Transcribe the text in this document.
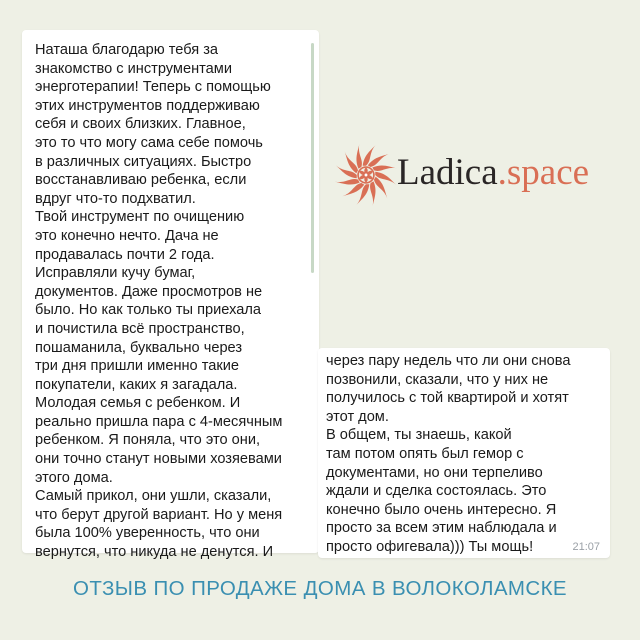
Наташа благодарю тебя за
знакомство с инструментами
энерготерапии! Теперь с помощью
этих инструментов поддерживаю
себя и своих близких. Главное,
это то что могу сама себе помочь
в различных ситуациях. Быстро
восстанавливаю ребенка, если
вдруг что-то подхватил.
Твой инструмент по очищению
это конечно нечто. Дача не
продавалась почти 2 года.
Исправляли кучу бумаг,
документов. Даже просмотров не
было. Но как только ты приехала
и почистила всё пространство,
пошаманила, буквально через
три дня пришли именно такие
покупатели, каких я загадала.
Молодая семья с ребенком. И
реально пришла пара с 4-месячным
ребенком. Я поняла, что это они,
они точно станут новыми хозяевами
этого дома.
Самый прикол, они ушли, сказали,
что берут другой вариант. Но у меня
была 100% уверенность, что они
вернутся, что никуда не денутся. И
через пару недель что ли они снова
позвонили, сказали, что у них не
получилось с той квартирой и хотят
этот дом.
В общем, ты знаешь, какой
там потом опять был гемор с
документами, но они терпеливо
ждали и сделка состоялась. Это
конечно было очень интересно. Я
просто за всем этим наблюдала и
просто офигевала))) Ты мощь!	21:07
Ladica.space
ОТЗЫВ ПО ПРОДАЖЕ ДОМА В ВОЛОКОЛАМСКЕ
